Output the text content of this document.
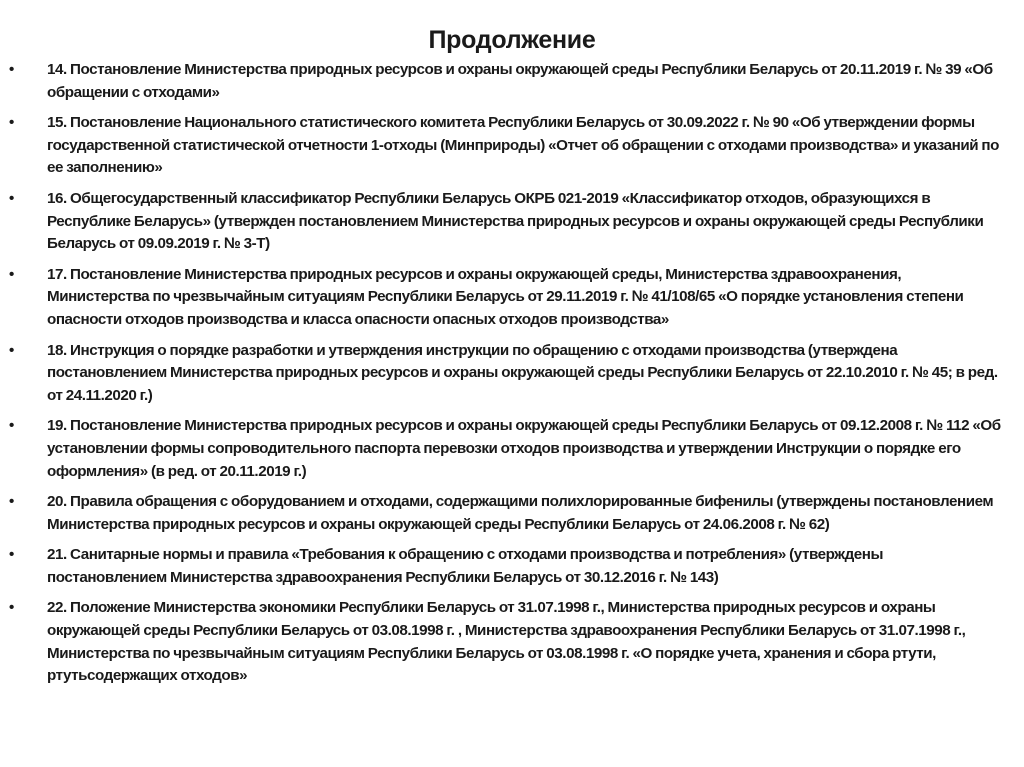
Продолжение
• 14. Постановление Министерства природных ресурсов и охраны окружающей среды Республики Беларусь от 20.11.2019 г. № 39 «Об обращении с отходами»
• 15. Постановление Национального статистического комитета Республики Беларусь от 30.09.2022 г. № 90 «Об утверждении формы государственной статистической отчетности 1-отходы (Минприроды) «Отчет об обращении с отходами производства» и указаний по ее заполнению»
• 16. Общегосударственный классификатор Республики Беларусь ОКРБ 021-2019 «Классификатор отходов, образующихся в Республике Беларусь» (утвержден постановлением Министерства природных ресурсов и охраны окружающей среды Республики Беларусь от 09.09.2019 г. № 3-Т)
• 17. Постановление Министерства природных ресурсов и охраны окружающей среды, Министерства здравоохранения, Министерства по чрезвычайным ситуациям Республики Беларусь от 29.11.2019 г. № 41/108/65 «О порядке установления степени опасности отходов производства и класса опасности опасных отходов производства»
• 18. Инструкция о порядке разработки и утверждения инструкции по обращению с отходами производства (утверждена постановлением Министерства природных ресурсов и охраны окружающей среды Республики Беларусь от 22.10.2010 г. № 45; в ред. от 24.11.2020 г.)
• 19. Постановление Министерства природных ресурсов и охраны окружающей среды Республики Беларусь от 09.12.2008 г. № 112 «Об установлении формы сопроводительного паспорта перевозки отходов производства и утверждении Инструкции о порядке его оформления» (в ред. от 20.11.2019 г.)
• 20. Правила обращения с оборудованием и отходами, содержащими полихлорированные бифенилы (утверждены постановлением Министерства природных ресурсов и охраны окружающей среды Республики Беларусь от 24.06.2008 г. № 62)
• 21. Санитарные нормы и правила «Требования к обращению с отходами производства и потребления» (утверждены постановлением Министерства здравоохранения Республики Беларусь от 30.12.2016 г. № 143)
• 22. Положение Министерства экономики Республики Беларусь от 31.07.1998 г., Министерства природных ресурсов и охраны окружающей среды Республики Беларусь от 03.08.1998 г. , Министерства здравоохранения Республики Беларусь от 31.07.1998 г., Министерства по чрезвычайным ситуациям Республики Беларусь от 03.08.1998 г. «О порядке учета, хранения и сбора ртути, ртутьсодержащих отходов»
